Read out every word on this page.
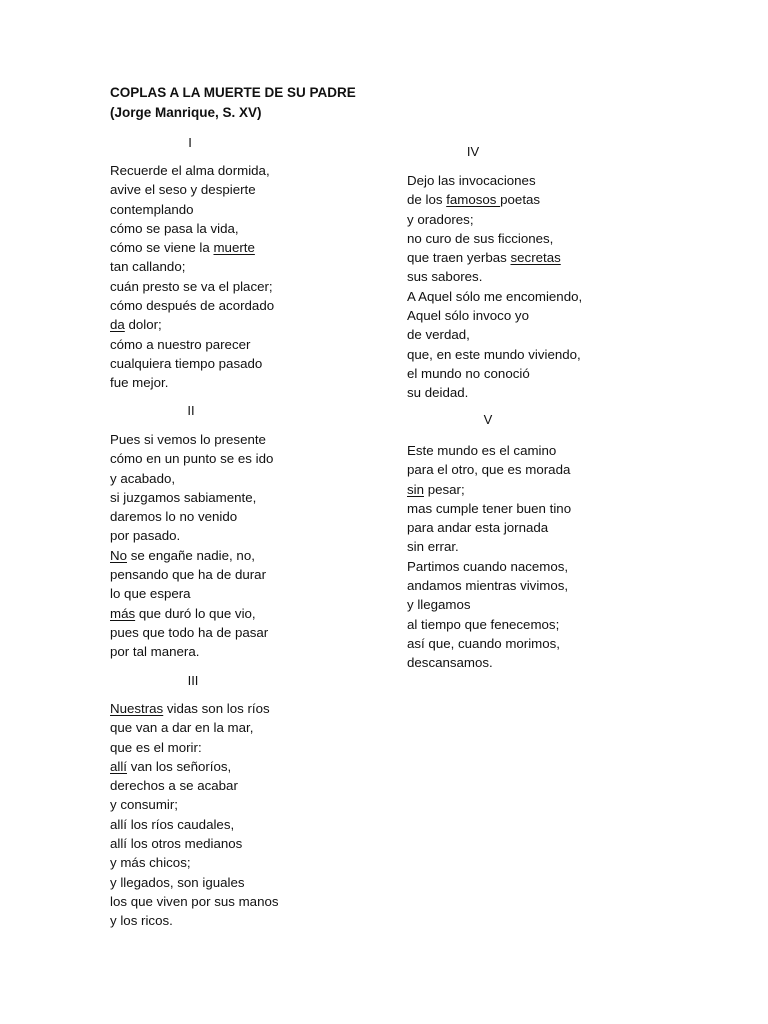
COPLAS A LA MUERTE DE SU PADRE

(Jorge Manrique, S. XV)

I

Recuerde el alma dormida,
avive el seso y despierte
contemplando
cómo se pasa la vida,
cómo se viene la muerte
tan callando;
cuán presto se va el placer;
cómo después de acordado
da dolor;
cómo a nuestro parecer
cualquiera tiempo pasado
fue mejor.

II

Pues si vemos lo presente
cómo en un punto se es ido
y acabado,
si juzgamos sabiamente,
daremos lo no venido
por pasado.
No se engañe nadie, no,
pensando que ha de durar
lo que espera
más que duró lo que vio,
pues que todo ha de pasar
por tal manera.

III

Nuestras vidas son los ríos
que van a dar en la mar,
que es el morir:
allí van los señoríos,
derechos a se acabar
y consumir;
allí los ríos caudales,
allí los otros medianos
y más chicos;
y llegados, son iguales
los que viven por sus manos
y los ricos.

IV

Dejo las invocaciones
de los famosos poetas
y oradores;
no curo de sus ficciones,
que traen yerbas secretas
sus sabores.
A Aquel sólo me encomiendo,
Aquel sólo invoco yo
de verdad,
que, en este mundo viviendo,
el mundo no conoció
su deidad.

V

Este mundo es el camino
para el otro, que es morada
sin pesar;
mas cumple tener buen tino
para andar esta jornada
sin errar.
Partimos cuando nacemos,
andamos mientras vivimos,
y llegamos
al tiempo que fenecemos;
así que, cuando morimos,
descansamos.
